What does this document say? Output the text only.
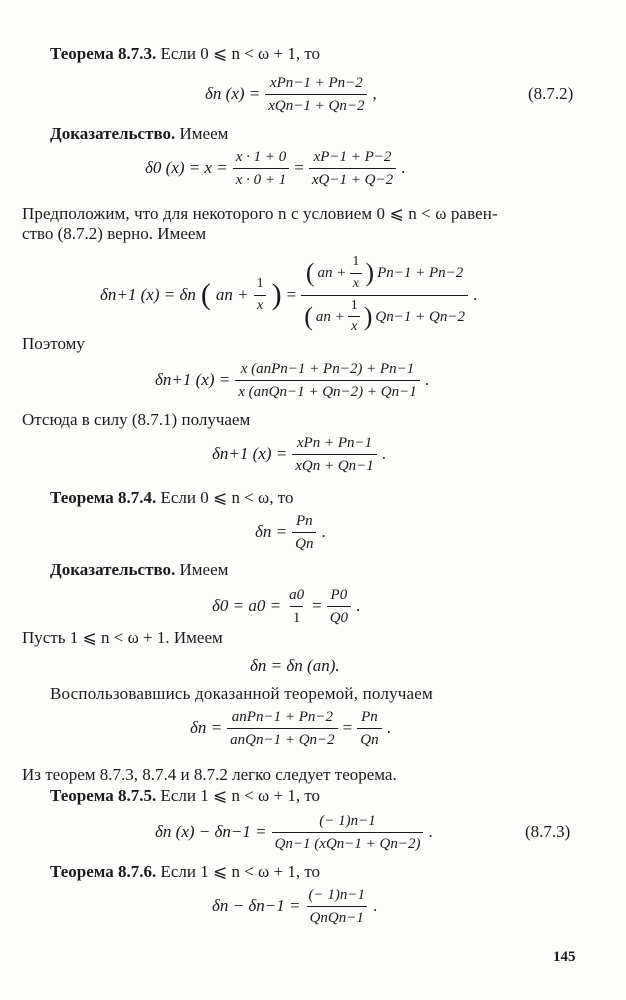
Теорема 8.7.3. Если 0 ⩽ n < ω + 1, то
δn $(x) = \frac{\text{xPn−1 + Pn−2}}{\text{xQn−1 + Qn−2}}$ ,	(8.7.2)
Доказательство. Имеем
δ0 $(x) = x = \frac{x \cdot 1 + 0}{x \cdot 0 + 1} = \frac{xP-1 + P-2}{xQ-1 + Q-2}$ .
Предположим, что для некоторого n с условием 0 ⩽ n < ω равен-
ство (8.7.2) верно. Имеем
δn+1 (x) = δn ( an + $\frac{1}{x}$ ) =
( an + $\frac{1}{x}$ ) Pn−1 + Pn−2
( an + $\frac{1}{x}$ ) Qn−1 + Qn−2
.
Поэтому
δn+1 $(x) = \frac{\text{x (anPn−1 + Pn−2) + Pn−1}}{\text{x (anQn−1 + Qn−2) + Qn−1}}$ .
Отсюда в силу (8.7.1) получаем
δn+1 $(x) = \frac{\text{xPn + Pn−1}}{\text{xQn + Qn−1}}$ .
Теорема 8.7.4. Если 0 ⩽ n < ω, то
$\delta n = \frac{Pn}{Qn}$ .
Доказательство. Имеем
$\delta 0 = a0 = \frac{a0}{1} = \frac{P0}{Q0}$ .
Пусть 1 ⩽ n < ω + 1. Имеем
δn = δn (an).
Воспользовавшись доказанной теоремой, получаем
$\delta n = \frac{\text{anPn−1 + Pn−2}}{\text{anQn−1 + Qn−2}} = \frac{Pn}{Qn}$ .
Из теорем 8.7.3, 8.7.4 и 8.7.2 легко следует теорема.
Теорема 8.7.5. Если 1 ⩽ n < ω + 1, то
δn $(x) - \delta n-1 = \frac{(- 1)n-1}{\text{Qn−1 (xQn−1 + Qn−2)}}$ .	(8.7.3)
Теорема 8.7.6. Если 1 ⩽ n < ω + 1, то
$\delta n - \delta n-1 = \frac{(- 1)n-1}{\text{QnQn−1}}$ .
145
